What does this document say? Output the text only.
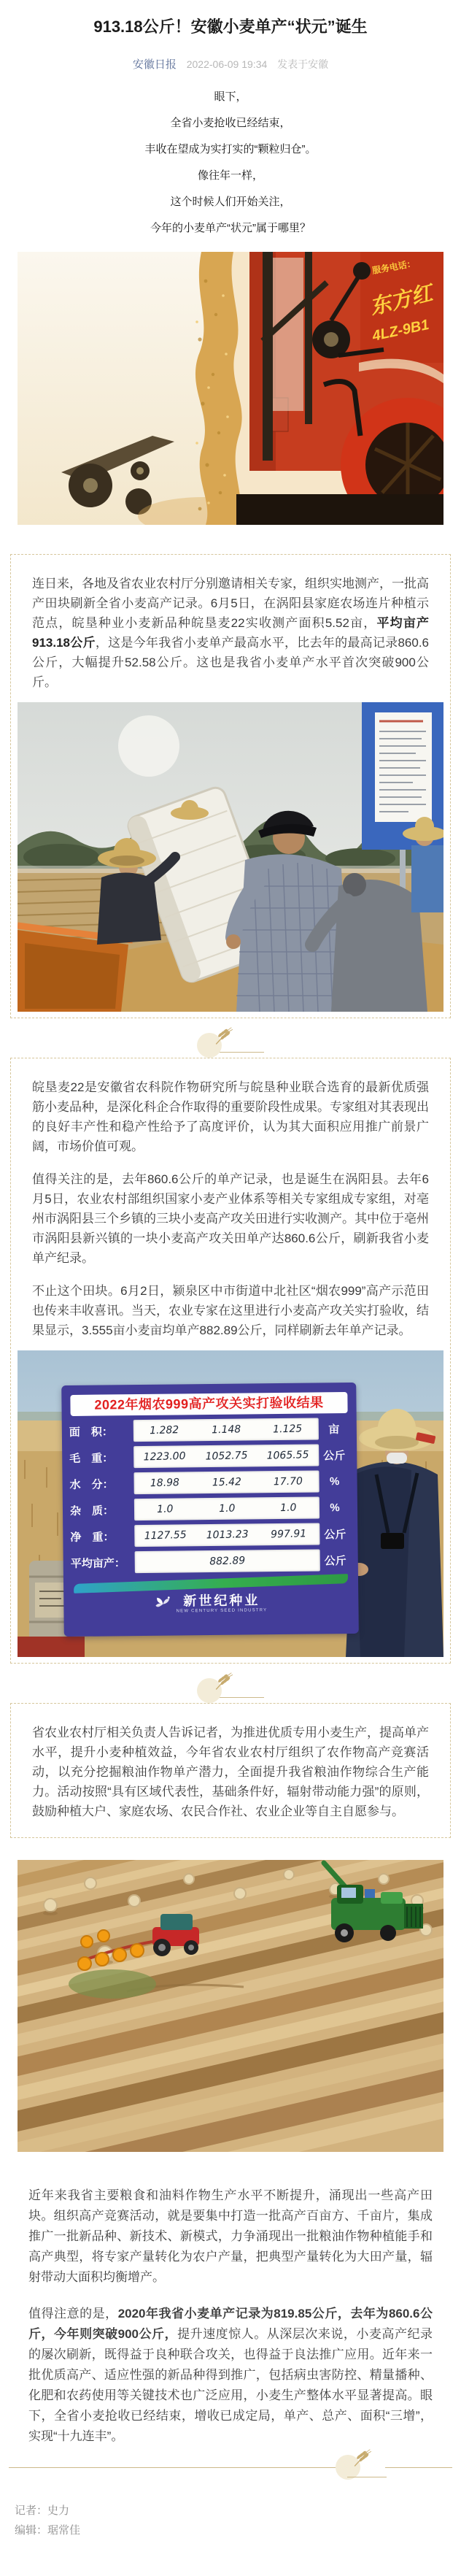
913.18公斤！安徽小麦单产“状元”诞生
安徽日报 2022-06-09 19:34 发表于安徽
眼下，
全省小麦抢收已经结束，
丰收在望成为实打实的“颗粒归仓”。
像往年一样，
这个时候人们开始关注，
今年的小麦单产“状元”属于哪里？
服务电话：
东方红
4LZ-9B1

连日来，各地及省农业农村厅分别邀请相关专家，组织实地测产，一批高产田块刷新全省小麦高产记录。6月5日，在涡阳县家庭农场连片种植示范点，皖垦种业小麦新品种皖垦麦22实收测产面积5.52亩，平均亩产913.18公斤，这是今年我省小麦单产最高水平，比去年的最高记录860.6公斤，大幅提升52.58公斤。这也是我省小麦单产水平首次突破900公斤。

皖垦麦22是安徽省农科院作物研究所与皖垦种业联合选育的最新优质强筋小麦品种，是深化科企合作取得的重要阶段性成果。专家组对其表现出的良好丰产性和稳产性给予了高度评价，认为其大面积应用推广前景广阔，市场价值可观。

值得关注的是，去年860.6公斤的单产记录，也是诞生在涡阳县。去年6月5日，农业农村部组织国家小麦产业体系等相关专家组成专家组，对亳州市涡阳县三个乡镇的三块小麦高产攻关田进行实收测产。其中位于亳州市涡阳县新兴镇的一块小麦高产攻关田单产达860.6公斤，刷新我省小麦单产纪录。

不止这个田块。6月2日，颍泉区中市街道中北社区“烟农999”高产示范田也传来丰收喜讯。当天，农业专家在这里进行小麦高产攻关实打验收，结果显示，3.555亩小麦亩均单产882.89公斤，同样刷新去年单产记录。

2022年烟农999高产攻关实打验收结果
面　积：	1.282	1.148	1.125	亩
毛　重：	1223.00	1052.75	1065.55	公斤
水　分：	18.98	15.42	17.70	%
杂　质：	1.0	1.0	1.0	%
净　重：	1127.55	1013.23	997.91	公斤
平均亩产：	882.89	公斤
新世纪种业
NEW CENTURY SEED INDUSTRY

省农业农村厅相关负责人告诉记者，为推进优质专用小麦生产，提高单产水平，提升小麦种植效益，今年省农业农村厅组织了农作物高产竞赛活动，以充分挖掘粮油作物单产潜力，全面提升我省粮油作物综合生产能力。活动按照“具有区域代表性，基础条件好，辐射带动能力强”的原则，鼓励种植大户、家庭农场、农民合作社、农业企业等自主自愿参与。

近年来我省主要粮食和油料作物生产水平不断提升，涌现出一些高产田块。组织高产竞赛活动，就是要集中打造一批高产百亩方、千亩片，集成推广一批新品种、新技术、新模式，力争涌现出一批粮油作物种植能手和高产典型，将专家产量转化为农户产量，把典型产量转化为大田产量，辐射带动大面积均衡增产。

值得注意的是，2020年我省小麦单产记录为819.85公斤，去年为860.6公斤，今年则突破900公斤，提升速度惊人。从深层次来说，小麦高产纪录的屡次刷新，既得益于良种联合攻关，也得益于良法推广应用。近年来一批优质高产、适应性强的新品种得到推广，包括病虫害防控、精量播种、化肥和农药使用等关键技术也广泛应用，小麦生产整体水平显著提高。眼下，全省小麦抢收已经结束，增收已成定局，单产、总产、面积“三增”，实现“十九连丰”。

记者：史力
编辑：琚常佳
